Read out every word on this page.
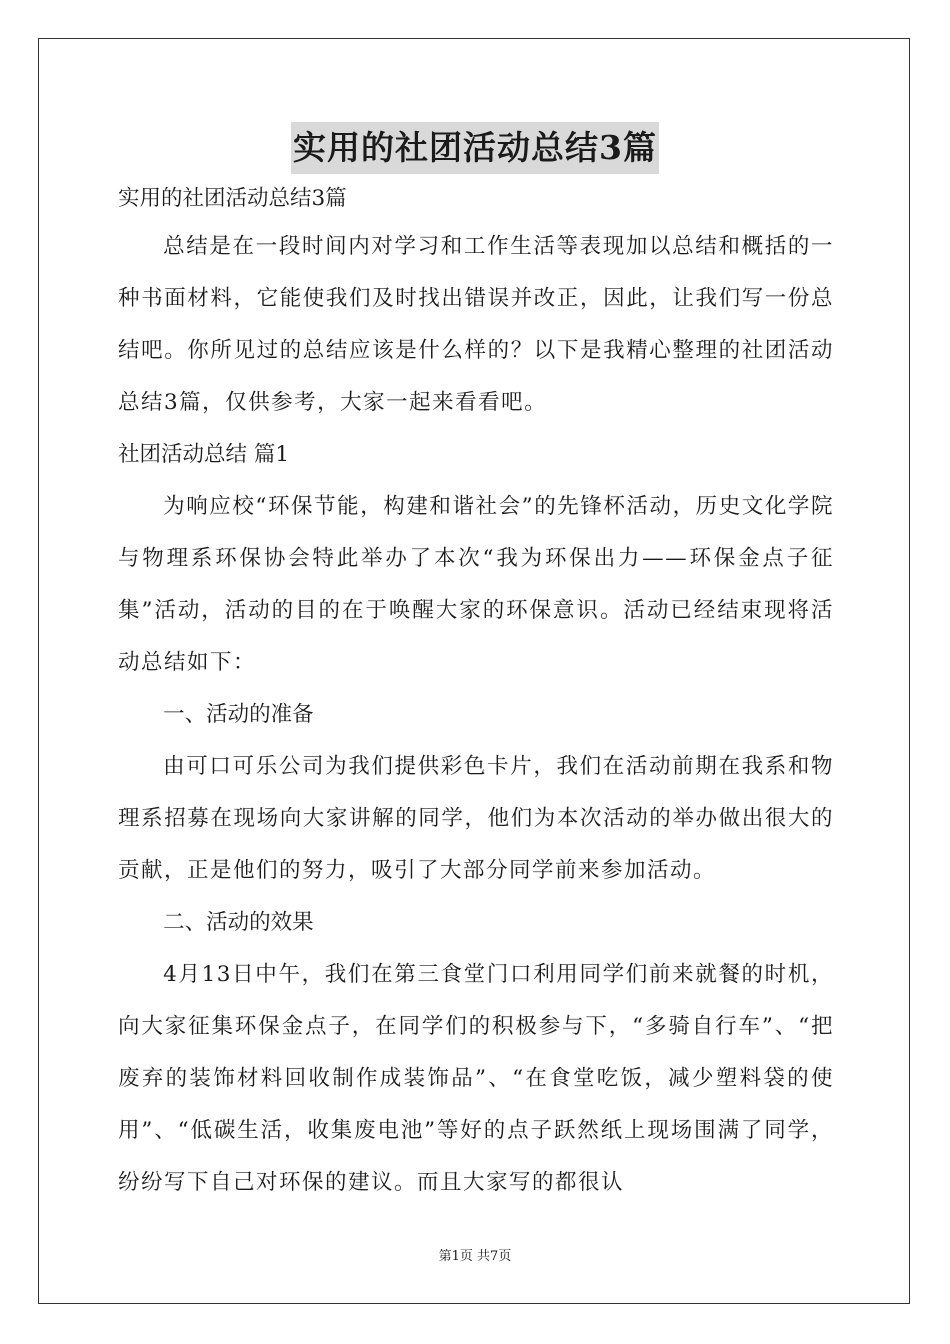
实用的社团活动总结3篇
实用的社团活动总结3篇
总结是在一段时间内对学习和工作生活等表现加以总结和概括的一种书面材料，它能使我们及时找出错误并改正，因此，让我们写一份总结吧。你所见过的总结应该是什么样的？以下是我精心整理的社团活动总结3篇，仅供参考，大家一起来看看吧。
社团活动总结 篇1
为响应校“环保节能，构建和谐社会”的先锋杯活动，历史文化学院与物理系环保协会特此举办了本次“我为环保出力——环保金点子征集”活动，活动的目的在于唤醒大家的环保意识。活动已经结束现将活动总结如下：
一、活动的准备
由可口可乐公司为我们提供彩色卡片，我们在活动前期在我系和物理系招募在现场向大家讲解的同学，他们为本次活动的举办做出很大的贡献，正是他们的努力，吸引了大部分同学前来参加活动。
二、活动的效果
4月13日中午，我们在第三食堂门口利用同学们前来就餐的时机，向大家征集环保金点子，在同学们的积极参与下，“多骑自行车”、“把废弃的装饰材料回收制作成装饰品”、“在食堂吃饭，减少塑料袋的使用”、“低碳生活，收集废电池”等好的点子跃然纸上现场围满了同学，纷纷写下自己对环保的建议。而且大家写的都很认
第1页 共7页
